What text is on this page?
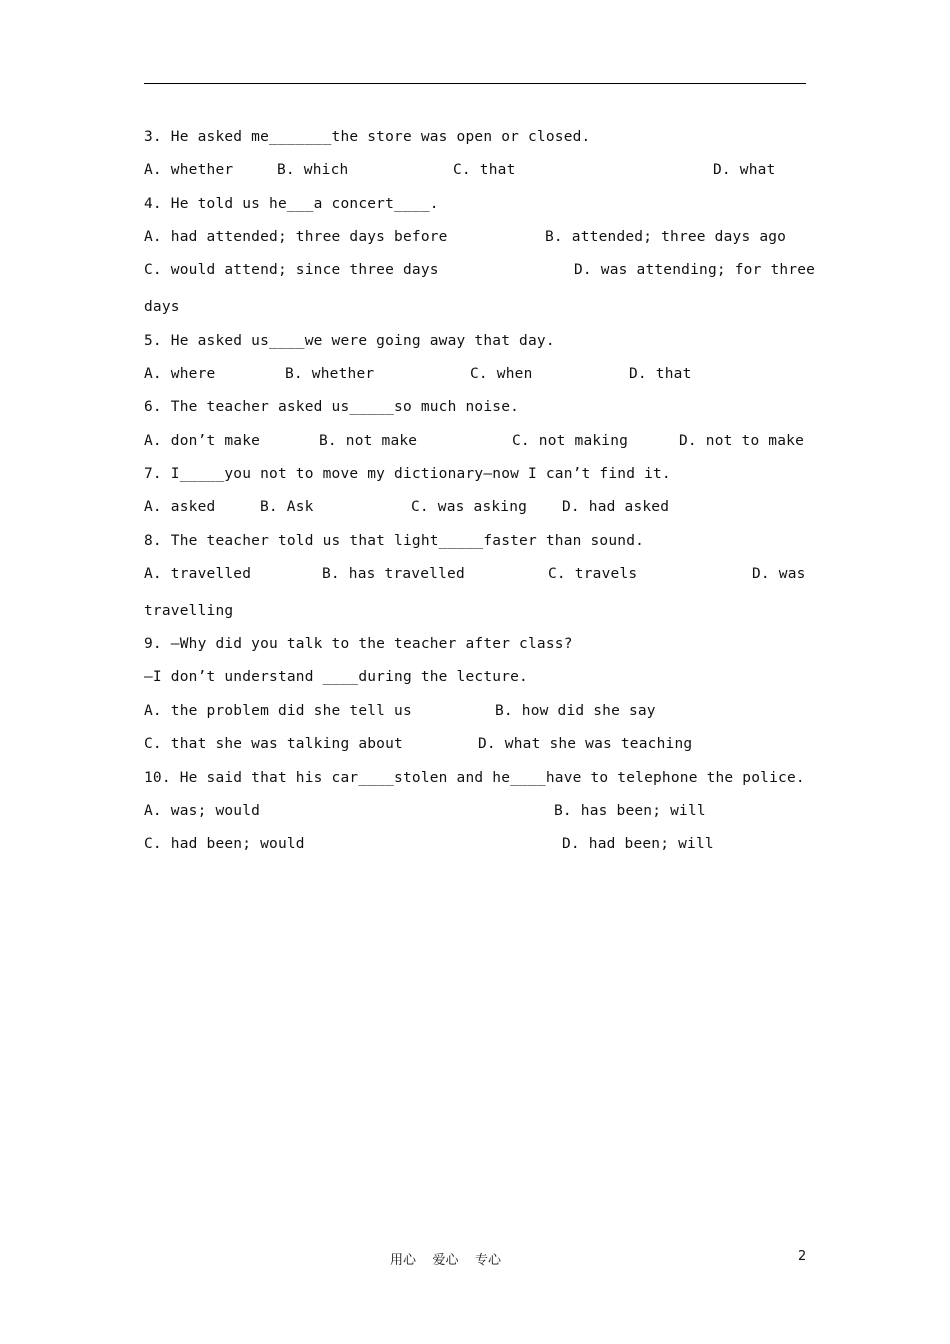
3. He asked me_______the store was open or closed.
A. whether	B. which	C. that	D. what
4. He told us he___a concert____.
A. had attended; three days before	B. attended; three days ago
C. would attend; since three days	D. was attending; for three
days
5. He asked us____we were going away that day.
A. where	B. whether	C. when	D. that
6. The teacher asked us_____so much noise.
A. don’t make	B. not make	C. not making	D. not to make
7. I_____you not to move my dictionary—now I can’t find it.
A. asked	B. Ask	C. was asking D. had asked
8. The teacher told us that light_____faster than sound.
A. travelled	B. has travelled	C. travels	D. was
travelling
9. —Why did you talk to the teacher after class?
—I don’t understand ____during the lecture.
A. the problem did she tell us	B. how did she say
C. that she was talking about	D. what she was teaching
10. He said that his car____stolen and he____have to telephone the police.
A. was; would	B. has been; will
C. had been; would	D. had been; will
用心    爱心    专心	2
